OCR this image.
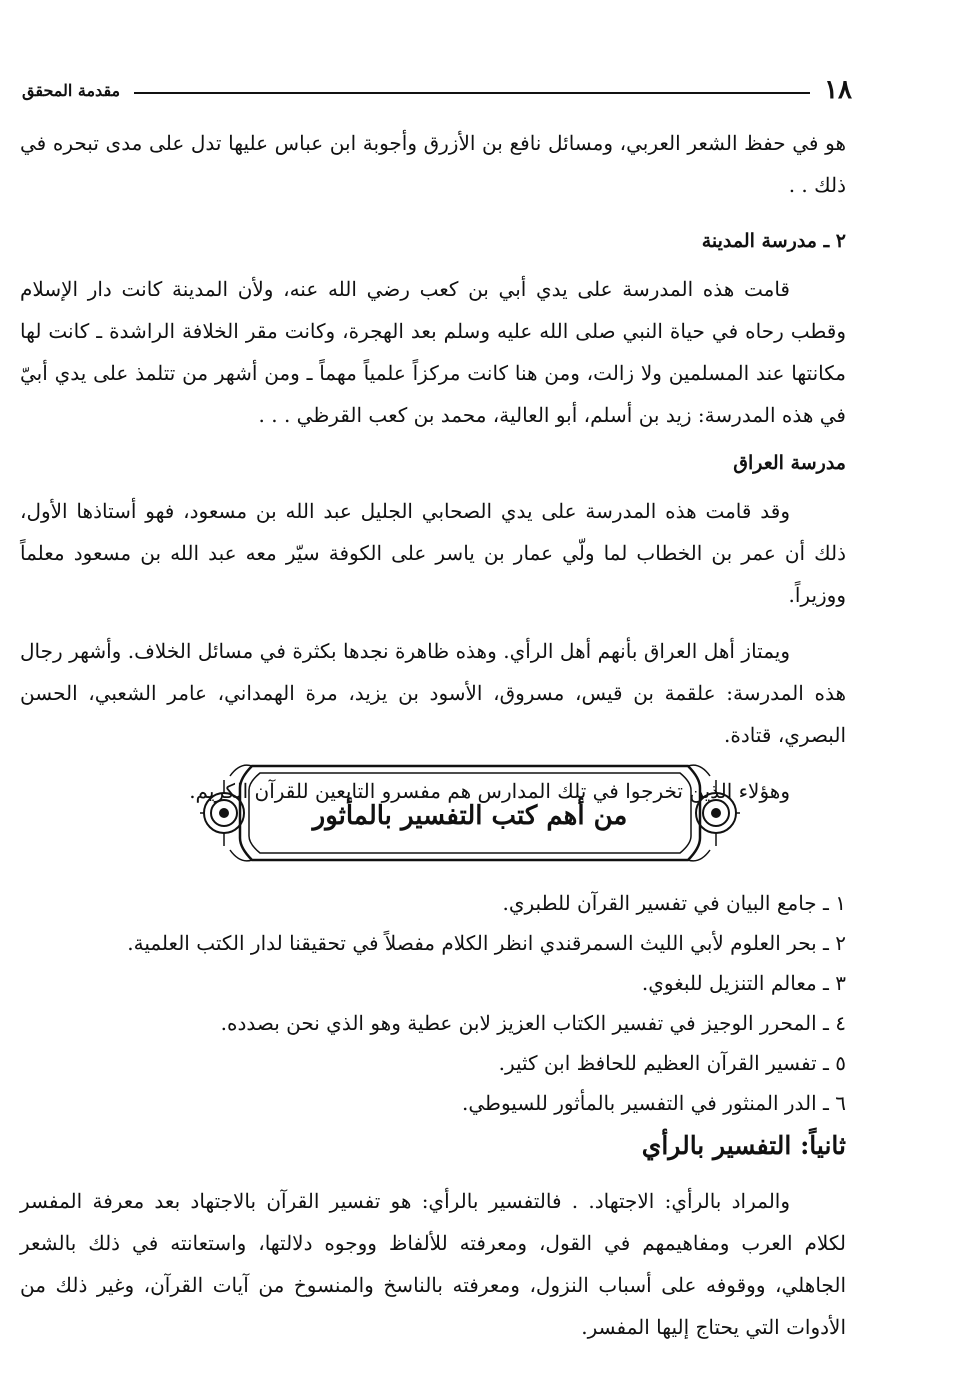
١٨
مقدمة المحقق

هو في حفظ الشعر العربي، ومسائل نافع بن الأزرق وأجوبة ابن عباس عليها تدل على مدى تبحره في ذلك . .

٢ ـ مدرسة المدينة

قامت هذه المدرسة على يدي أبي بن كعب رضي الله عنه، ولأن المدينة كانت دار الإسلام وقطب رحاه في حياة النبي صلى الله عليه وسلم بعد الهجرة، وكانت مقر الخلافة الراشدة ـ كانت لها مكانتها عند المسلمين ولا زالت، ومن هنا كانت مركزاً علمياً مهماً ـ ومن أشهر من تتلمذ على يدي أبيّ في هذه المدرسة: زيد بن أسلم، أبو العالية، محمد بن كعب القرظي . . .

مدرسة العراق

وقد قامت هذه المدرسة على يدي الصحابي الجليل عبد الله بن مسعود، فهو أستاذها الأول، ذلك أن عمر بن الخطاب لما ولّي عمار بن ياسر على الكوفة سيّر معه عبد الله بن مسعود معلماً ووزيراً.

ويمتاز أهل العراق بأنهم أهل الرأي. وهذه ظاهرة نجدها بكثرة في مسائل الخلاف. وأشهر رجال هذه المدرسة: علقمة بن قيس، مسروق، الأسود بن يزيد، مرة الهمداني، عامر الشعبي، الحسن البصري، قتادة.

وهؤلاء الذين تخرجوا في تلك المدارس هم مفسرو التابعين للقرآن الكريم.

من أهم كتب التفسير بالمأثور

١ ـ جامع البيان في تفسير القرآن للطبري.

٢ ـ بحر العلوم لأبي الليث السمرقندي انظر الكلام مفصلاً في تحقيقنا لدار الكتب العلمية.

٣ ـ معالم التنزيل للبغوي.

٤ ـ المحرر الوجيز في تفسير الكتاب العزيز لابن عطية وهو الذي نحن بصدده.

٥ ـ تفسير القرآن العظيم للحافظ ابن كثير.

٦ ـ الدر المنثور في التفسير بالمأثور للسيوطي.

ثانياً: التفسير بالرأي

والمراد بالرأي: الاجتهاد. . فالتفسير بالرأي: هو تفسير القرآن بالاجتهاد بعد معرفة المفسر لكلام العرب ومفاهيمهم في القول، ومعرفته للألفاظ ووجوه دلالتها، واستعانته في ذلك بالشعر الجاهلي، ووقوفه على أسباب النزول، ومعرفته بالناسخ والمنسوخ من آيات القرآن، وغير ذلك من الأدوات التي يحتاج إليها المفسر.
